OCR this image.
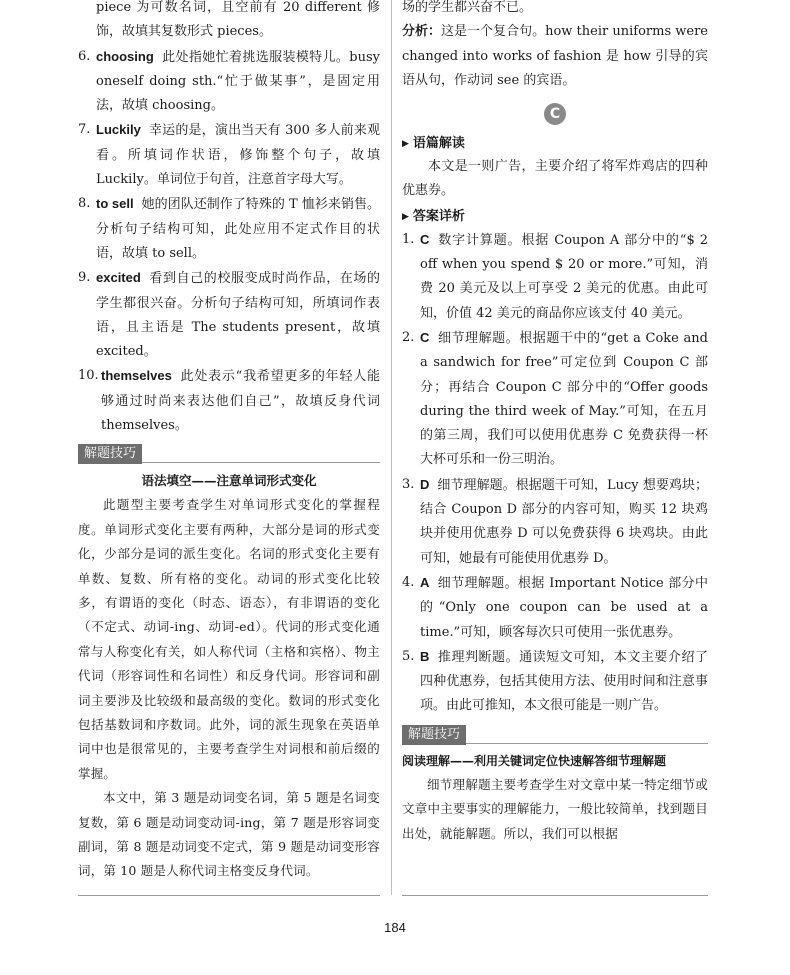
piece 为可数名词，且空前有 20 different 修饰，故填其复数形式 pieces。
6. choosing 此处指她忙着挑选服装模特儿。busy oneself doing sth.“忙于做某事”，是固定用法，故填 choosing。
7. Luckily 幸运的是，演出当天有 300 多人前来观看。所填词作状语，修饰整个句子，故填 Luckily。单词位于句首，注意首字母大写。
8. to sell 她的团队还制作了特殊的 T 恤衫来销售。分析句子结构可知，此处应用不定式作目的状语，故填 to sell。
9. excited 看到自己的校服变成时尚作品，在场的学生都很兴奋。分析句子结构可知，所填词作表语，且主语是 The students present，故填 excited。
10. themselves 此处表示“我希望更多的年轻人能够通过时尚来表达他们自己”，故填反身代词 themselves。
解题技巧
语法填空——注意单词形式变化
此题型主要考查学生对单词形式变化的掌握程度。单词形式变化主要有两种，大部分是词的形式变化，少部分是词的派生变化。名词的形式变化主要有单数、复数、所有格的变化。动词的形式变化比较多，有谓语的变化（时态、语态），有非谓语的变化（不定式、动词-ing、动词-ed）。代词的形式变化通常与人称变化有关，如人称代词（主格和宾格）、物主代词（形容词性和名词性）和反身代词。形容词和副词主要涉及比较级和最高级的变化。数词的形式变化包括基数词和序数词。此外，词的派生现象在英语单词中也是很常见的，主要考查学生对词根和前后缀的掌握。
本文中，第 3 题是动词变名词，第 5 题是名词变复数，第 6 题是动词变动词-ing，第 7 题是形容词变副词，第 8 题是动词变不定式，第 9 题是动词变形容词，第 10 题是人称代词主格变反身代词。
场的学生都兴奋不已。
分析：这是一个复合句。how their uniforms were changed into works of fashion 是 how 引导的宾语从句，作动词 see 的宾语。
C
▶ 语篇解读
本文是一则广告，主要介绍了将军炸鸡店的四种优惠券。
▶ 答案详析
1. C 数字计算题。根据 Coupon A 部分中的“$ 2 off when you spend $ 20 or more.”可知，消费 20 美元及以上可享受 2 美元的优惠。由此可知，价值 42 美元的商品你应该支付 40 美元。
2. C 细节理解题。根据题干中的“get a Coke and a sandwich for free”可定位到 Coupon C 部分；再结合 Coupon C 部分中的“Offer goods during the third week of May.”可知，在五月的第三周，我们可以使用优惠券 C 免费获得一杯大杯可乐和一份三明治。
3. D 细节理解题。根据题干可知，Lucy 想要鸡块；结合 Coupon D 部分的内容可知，购买 12 块鸡块并使用优惠券 D 可以免费获得 6 块鸡块。由此可知，她最有可能使用优惠券 D。
4. A 细节理解题。根据 Important Notice 部分中的“Only one coupon can be used at a time.”可知，顾客每次只可使用一张优惠券。
5. B 推理判断题。通读短文可知，本文主要介绍了四种优惠券，包括其使用方法、使用时间和注意事项。由此可推知，本文很可能是一则广告。
解题技巧
阅读理解——利用关键词定位快速解答细节理解题
细节理解题主要考查学生对文章中某一特定细节或文章中主要事实的理解能力，一般比较简单，找到题目出处，就能解题。所以，我们可以根据
184
